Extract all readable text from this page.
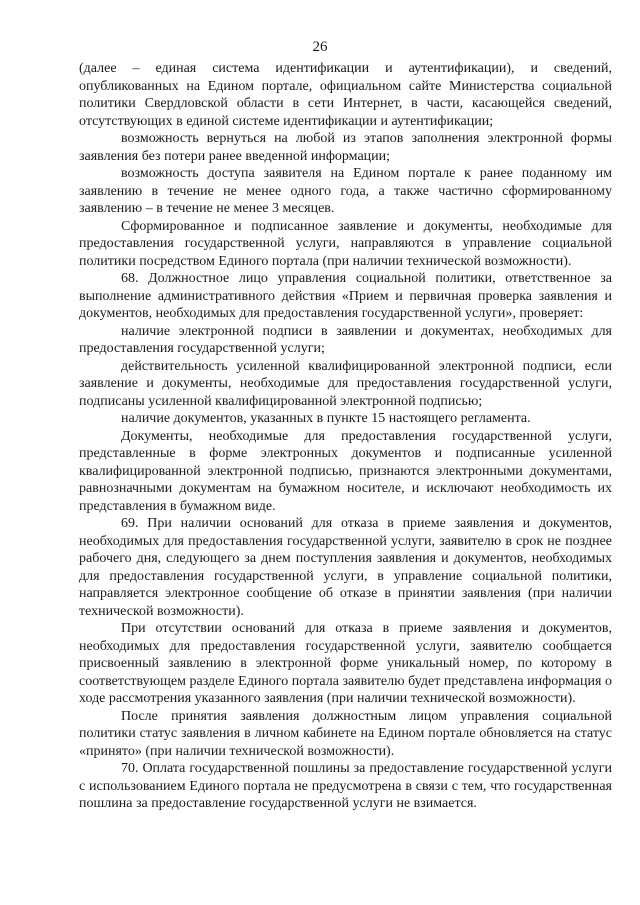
26

(далее – единая система идентификации и аутентификации), и сведений, опубликованных на Едином портале, официальном сайте Министерства социальной политики Свердловской области в сети Интернет, в части, касающейся сведений, отсутствующих в единой системе идентификации и аутентификации;

возможность вернуться на любой из этапов заполнения электронной формы заявления без потери ранее введенной информации;

возможность доступа заявителя на Едином портале к ранее поданному им заявлению в течение не менее одного года, а также частично сформированному заявлению – в течение не менее 3 месяцев.

Сформированное и подписанное заявление и документы, необходимые для предоставления государственной услуги, направляются в управление социальной политики посредством Единого портала (при наличии технической возможности).

68. Должностное лицо управления социальной политики, ответственное за выполнение административного действия «Прием и первичная проверка заявления и документов, необходимых для предоставления государственной услуги», проверяет:

наличие электронной подписи в заявлении и документах, необходимых для предоставления государственной услуги;

действительность усиленной квалифицированной электронной подписи, если заявление и документы, необходимые для предоставления государственной услуги, подписаны усиленной квалифицированной электронной подписью;

наличие документов, указанных в пункте 15 настоящего регламента.

Документы, необходимые для предоставления государственной услуги, представленные в форме электронных документов и подписанные усиленной квалифицированной электронной подписью, признаются электронными документами, равнозначными документам на бумажном носителе, и исключают необходимость их представления в бумажном виде.

69. При наличии оснований для отказа в приеме заявления и документов, необходимых для предоставления государственной услуги, заявителю в срок не позднее рабочего дня, следующего за днем поступления заявления и документов, необходимых для предоставления государственной услуги, в управление социальной политики, направляется электронное сообщение об отказе в принятии заявления (при наличии технической возможности).

При отсутствии оснований для отказа в приеме заявления и документов, необходимых для предоставления государственной услуги, заявителю сообщается присвоенный заявлению в электронной форме уникальный номер, по которому в соответствующем разделе Единого портала заявителю будет представлена информация о ходе рассмотрения указанного заявления (при наличии технической возможности).

После принятия заявления должностным лицом управления социальной политики статус заявления в личном кабинете на Едином портале обновляется на статус «принято» (при наличии технической возможности).

70. Оплата государственной пошлины за предоставление государственной услуги с использованием Единого портала не предусмотрена в связи с тем, что государственная пошлина за предоставление государственной услуги не взимается.
